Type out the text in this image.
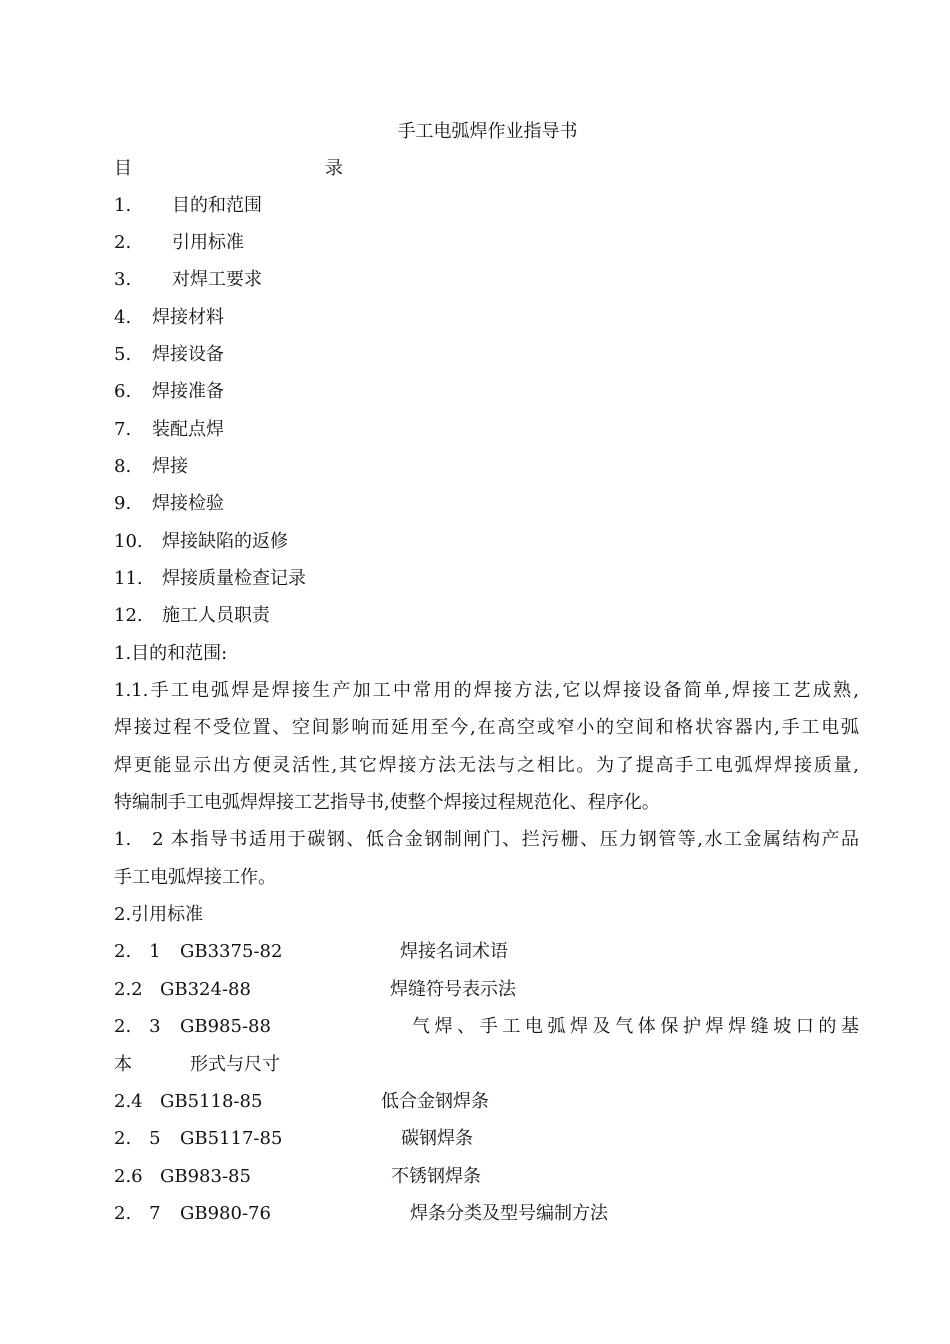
手工电弧焊作业指导书
目	录
1. 目的和范围
2. 引用标准
3. 对焊工要求
4. 焊接材料
5. 焊接设备
6. 焊接准备
7. 装配点焊
8. 焊接
9. 焊接检验
10. 焊接缺陷的返修
11. 焊接质量检查记录
12. 施工人员职责
1.目的和范围:
1.1.手工电弧焊是焊接生产加工中常用的焊接方法,它以焊接设备简单,焊接工艺成熟,
焊接过程不受位置、空间影响而延用至今,在高空或窄小的空间和格状容器内,手工电弧
焊更能显示出方便灵活性,其它焊接方法无法与之相比。为了提高手工电弧焊焊接质量,
特编制手工电弧焊焊接工艺指导书,使整个焊接过程规范化、程序化。
1.　2 本指导书适用于碳钢、低合金钢制闸门、拦污栅、压力钢管等,水工金属结构产品
手工电弧焊接工作。
2.引用标准
2.　1 GB3375-82	焊接名词术语
2.2 GB324-88	焊缝符号表示法
2.　3 GB985-88	气焊、手工电弧焊及气体保护焊焊缝坡口的基
本	形式与尺寸
2.4 GB5118-85	低合金钢焊条
2.　5 GB5117-85	碳钢焊条
2.6 GB983-85	不锈钢焊条
2.　7 GB980-76	焊条分类及型号编制方法
